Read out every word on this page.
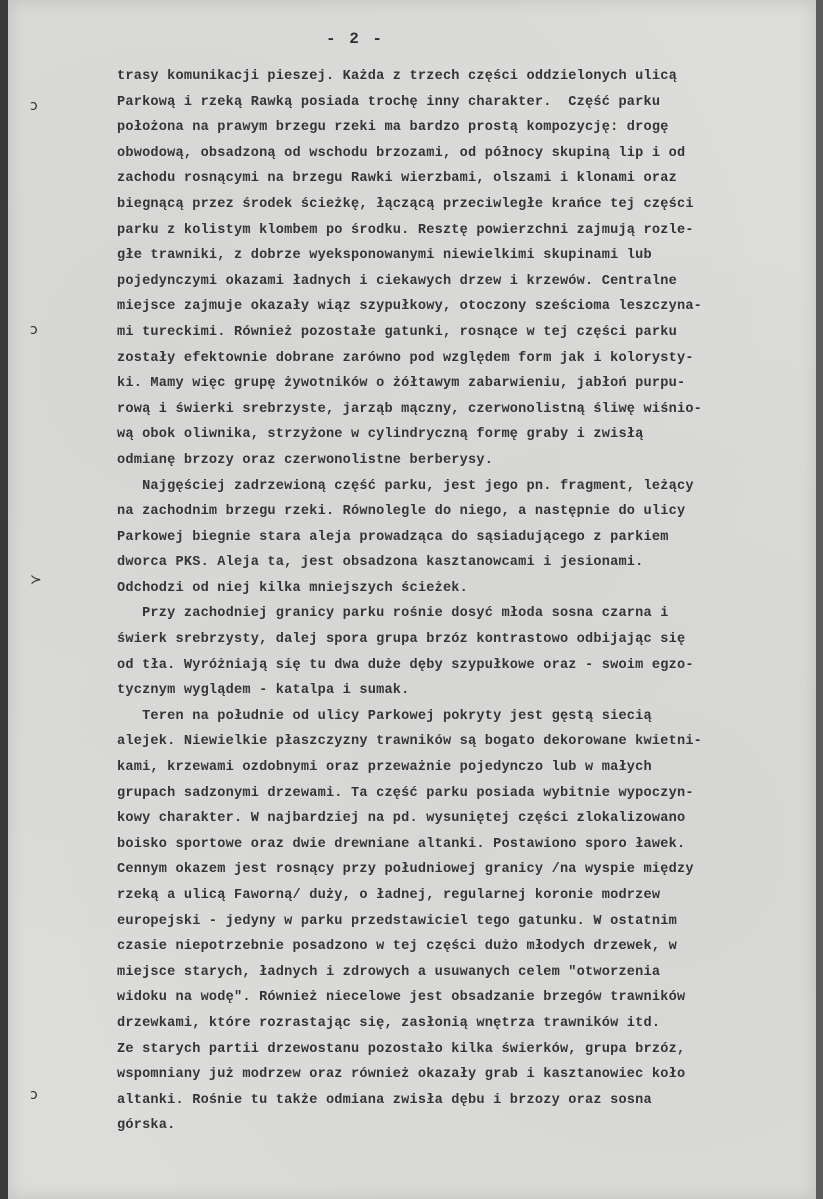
- 2 -
ↄ
ↄ
≻
ↄ
trasy komunikacji pieszej. Każda z trzech części oddzielonych ulicą
Parkową i rzeką Rawką posiada trochę inny charakter.  Część parku
położona na prawym brzegu rzeki ma bardzo prostą kompozycję: drogę
obwodową, obsadzoną od wschodu brzozami, od północy skupiną lip i od
zachodu rosnącymi na brzegu Rawki wierzbami, olszami i klonami oraz
biegnącą przez środek ścieżkę, łączącą przeciwległe krańce tej części
parku z kolistym klombem po środku. Resztę powierzchni zajmują rozle-
głe trawniki, z dobrze wyeksponowanymi niewielkimi skupinami lub
pojedynczymi okazami ładnych i ciekawych drzew i krzewów. Centralne
miejsce zajmuje okazały wiąz szypułkowy, otoczony sześcioma leszczyna-
mi tureckimi. Również pozostałe gatunki, rosnące w tej części parku
zostały efektownie dobrane zarówno pod względem form jak i kolorysty-
ki. Mamy więc grupę żywotników o żółtawym zabarwieniu, jabłoń purpu-
rową i świerki srebrzyste, jarząb mączny, czerwonolistną śliwę wiśnio-
wą obok oliwnika, strzyżone w cylindryczną formę graby i zwisłą
odmianę brzozy oraz czerwonolistne berberysy.
Najgęściej zadrzewioną część parku, jest jego pn. fragment, leżący
na zachodnim brzegu rzeki. Równolegle do niego, a następnie do ulicy
Parkowej biegnie stara aleja prowadząca do sąsiadującego z parkiem
dworca PKS. Aleja ta, jest obsadzona kasztanowcami i jesionami.
Odchodzi od niej kilka mniejszych ścieżek.
Przy zachodniej granicy parku rośnie dosyć młoda sosna czarna i
świerk srebrzysty, dalej spora grupa brzóz kontrastowo odbijając się
od tła. Wyróżniają się tu dwa duże dęby szypułkowe oraz - swoim egzo-
tycznym wyglądem - katalpa i sumak.
Teren na południe od ulicy Parkowej pokryty jest gęstą siecią
alejek. Niewielkie płaszczyzny trawników są bogato dekorowane kwietni-
kami, krzewami ozdobnymi oraz przeważnie pojedynczo lub w małych
grupach sadzonymi drzewami. Ta część parku posiada wybitnie wypoczyn-
kowy charakter. W najbardziej na pd. wysuniętej części zlokalizowano
boisko sportowe oraz dwie drewniane altanki. Postawiono sporo ławek.
Cennym okazem jest rosnący przy południowej granicy /na wyspie między
rzeką a ulicą Faworną/ duży, o ładnej, regularnej koronie modrzew
europejski - jedyny w parku przedstawiciel tego gatunku. W ostatnim
czasie niepotrzebnie posadzono w tej części dużo młodych drzewek, w
miejsce starych, ładnych i zdrowych a usuwanych celem "otworzenia
widoku na wodę". Również niecelowe jest obsadzanie brzegów trawników
drzewkami, które rozrastając się, zasłonią wnętrza trawników itd.
Ze starych partii drzewostanu pozostało kilka świerków, grupa brzóz,
wspomniany już modrzew oraz również okazały grab i kasztanowiec koło
altanki. Rośnie tu także odmiana zwisła dębu i brzozy oraz sosna
górska.
